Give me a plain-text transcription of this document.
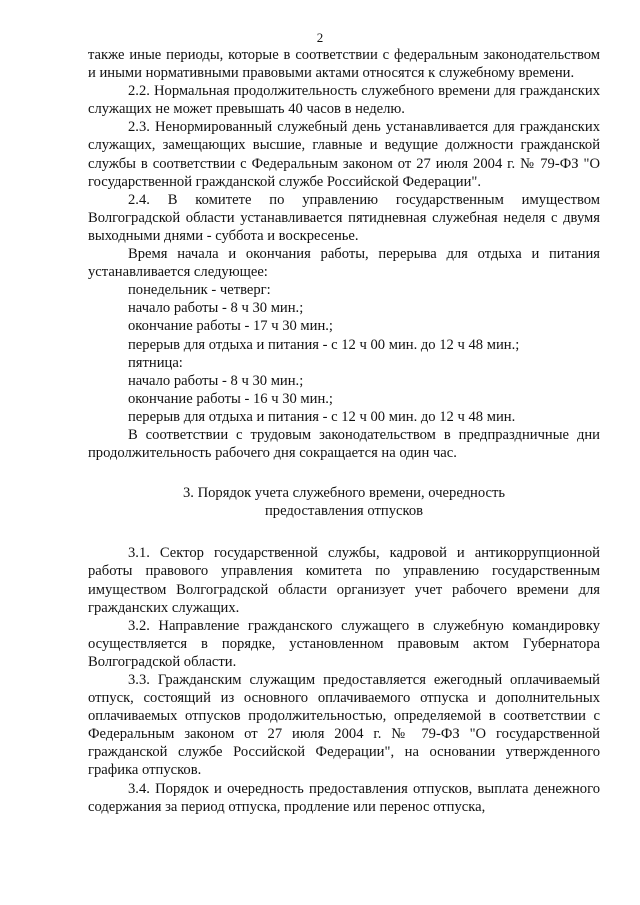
2

также иные периоды, которые в соответствии с федеральным законодательством и иными нормативными правовыми актами относятся к служебному времени.

2.2. Нормальная продолжительность служебного времени для гражданских служащих не может превышать 40 часов в неделю.

2.3. Ненормированный служебный день устанавливается для гражданских служащих, замещающих высшие, главные и ведущие должности гражданской службы в соответствии с Федеральным законом от 27 июля 2004 г. № 79-ФЗ "О государственной гражданской службе Российской Федерации".

2.4. В комитете по управлению государственным имуществом Волгоградской области устанавливается пятидневная служебная неделя с двумя выходными днями - суббота и воскресенье.

Время начала и окончания работы, перерыва для отдыха и питания устанавливается следующее:

понедельник - четверг:
начало работы - 8 ч 30 мин.;
окончание работы - 17 ч 30 мин.;
перерыв для отдыха и питания - с 12 ч 00 мин. до 12 ч 48 мин.;
пятница:
начало работы - 8 ч 30 мин.;
окончание работы - 16 ч 30 мин.;
перерыв для отдыха и питания - с 12 ч 00 мин. до 12 ч 48 мин.

В соответствии с трудовым законодательством в предпраздничные дни продолжительность рабочего дня сокращается на один час.

3. Порядок учета служебного времени, очередность
предоставления отпусков

3.1. Сектор государственной службы, кадровой и антикоррупционной работы правового управления комитета по управлению государственным имуществом Волгоградской области организует учет рабочего времени для гражданских служащих.

3.2. Направление гражданского служащего в служебную командировку осуществляется в порядке, установленном правовым актом Губернатора Волгоградской области.

3.3. Гражданским служащим предоставляется ежегодный оплачиваемый отпуск, состоящий из основного оплачиваемого отпуска и дополнительных оплачиваемых отпусков продолжительностью, определяемой в соответствии с Федеральным законом от 27 июля 2004 г. № 79-ФЗ "О государственной гражданской службе Российской Федерации", на основании утвержденного графика отпусков.

3.4. Порядок и очередность предоставления отпусков, выплата денежного содержания за период отпуска, продление или перенос отпуска,
